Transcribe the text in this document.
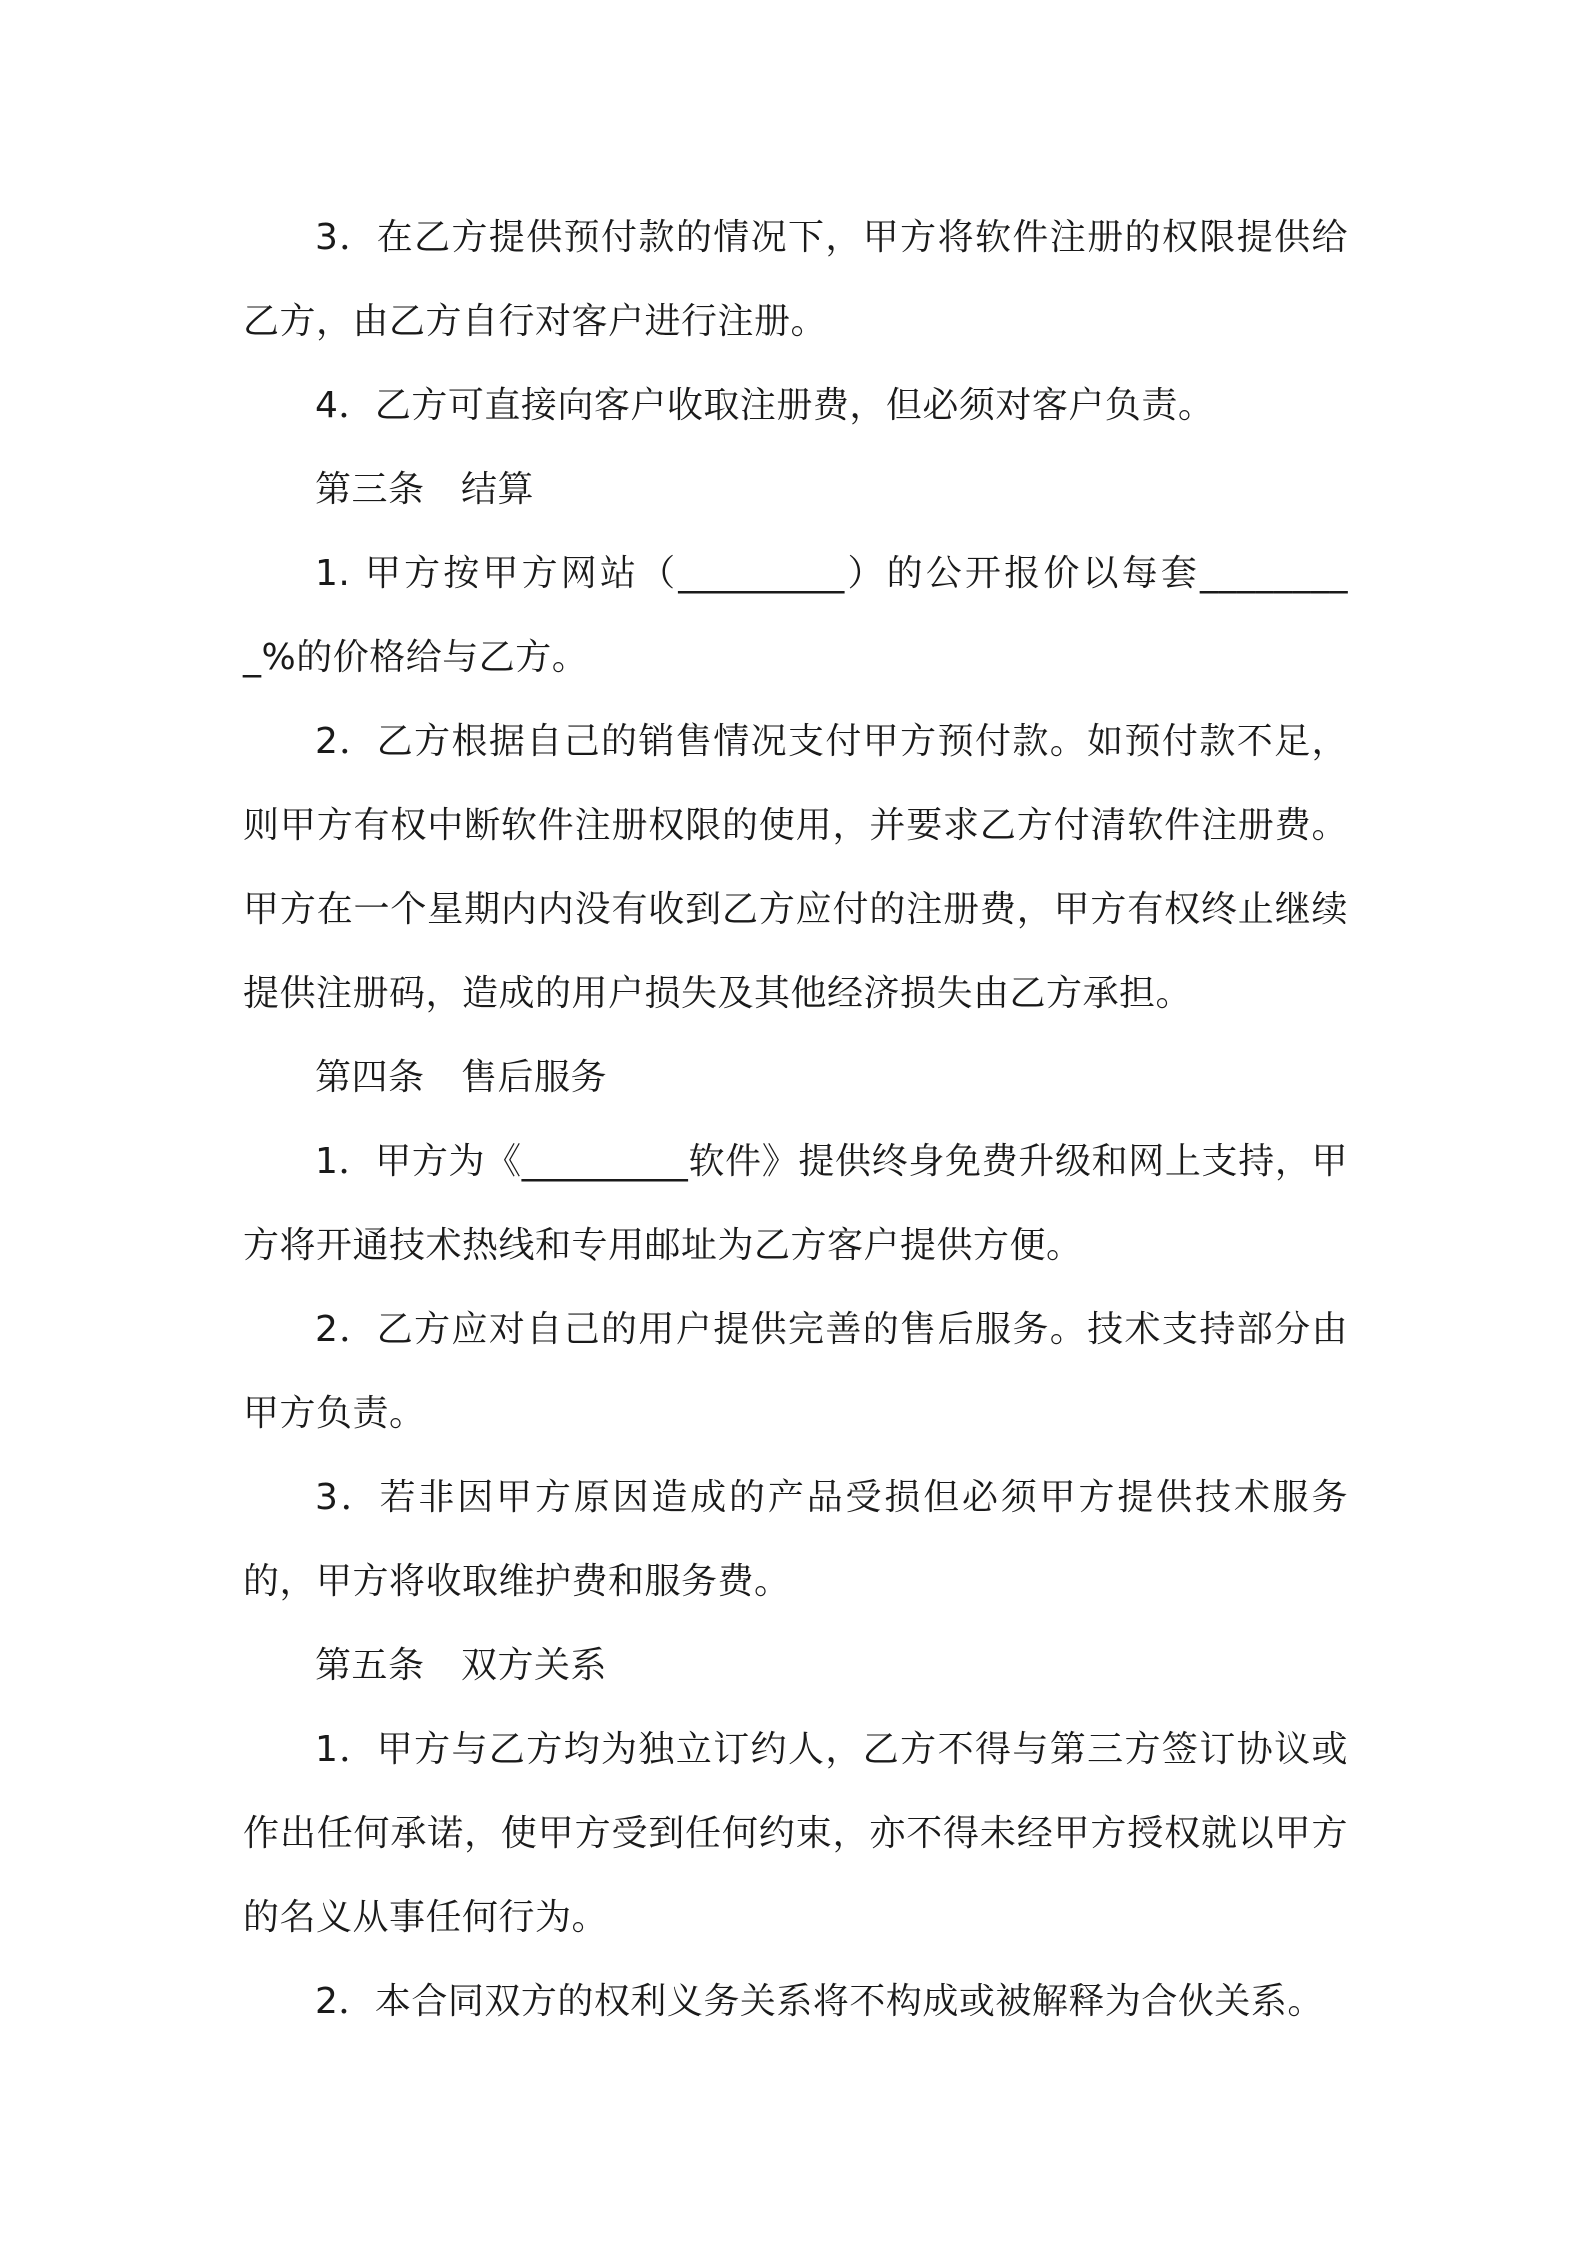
3．在乙方提供预付款的情况下，甲方将软件注册的权限提供给乙方，由乙方自行对客户进行注册。

4．乙方可直接向客户收取注册费，但必须对客户负责。

第三条　结算

1. 甲方按甲方网站（_________）的公开报价以每套_________%的价格给与乙方。

2．乙方根据自己的销售情况支付甲方预付款。如预付款不足，则甲方有权中断软件注册权限的使用，并要求乙方付清软件注册费。甲方在一个星期内内没有收到乙方应付的注册费，甲方有权终止继续提供注册码，造成的用户损失及其他经济损失由乙方承担。

第四条　售后服务

1．甲方为《_________软件》提供终身免费升级和网上支持，甲方将开通技术热线和专用邮址为乙方客户提供方便。

2．乙方应对自己的用户提供完善的售后服务。技术支持部分由甲方负责。

3．若非因甲方原因造成的产品受损但必须甲方提供技术服务的，甲方将收取维护费和服务费。

第五条　双方关系

1．甲方与乙方均为独立订约人，乙方不得与第三方签订协议或作出任何承诺，使甲方受到任何约束，亦不得未经甲方授权就以甲方的名义从事任何行为。

2．本合同双方的权利义务关系将不构成或被解释为合伙关系。
